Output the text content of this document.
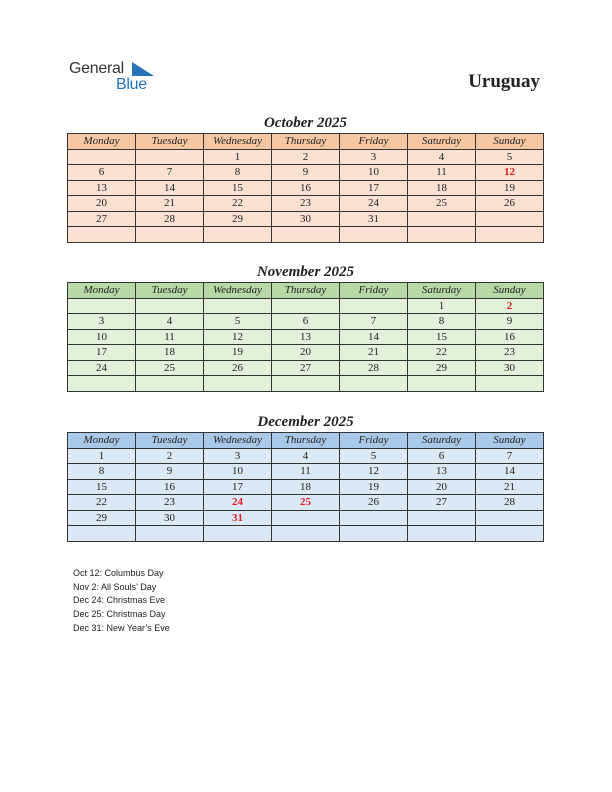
General
Blue	Uruguay
October 2025
Monday	Tuesday	Wednesday	Thursday	Friday	Saturday	Sunday
		1	2	3	4	5
6	7	8	9	10	11	12
13	14	15	16	17	18	19
20	21	22	23	24	25	26
27	28	29	30	31		

November 2025
Monday	Tuesday	Wednesday	Thursday	Friday	Saturday	Sunday
					1	2
3	4	5	6	7	8	9
10	11	12	13	14	15	16
17	18	19	20	21	22	23
24	25	26	27	28	29	30

December 2025
Monday	Tuesday	Wednesday	Thursday	Friday	Saturday	Sunday
1	2	3	4	5	6	7
8	9	10	11	12	13	14
15	16	17	18	19	20	21
22	23	24	25	26	27	28
29	30	31				

Oct 12: Columbus Day
Nov 2: All Souls’ Day
Dec 24: Christmas Eve
Dec 25: Christmas Day
Dec 31: New Year’s Eve
